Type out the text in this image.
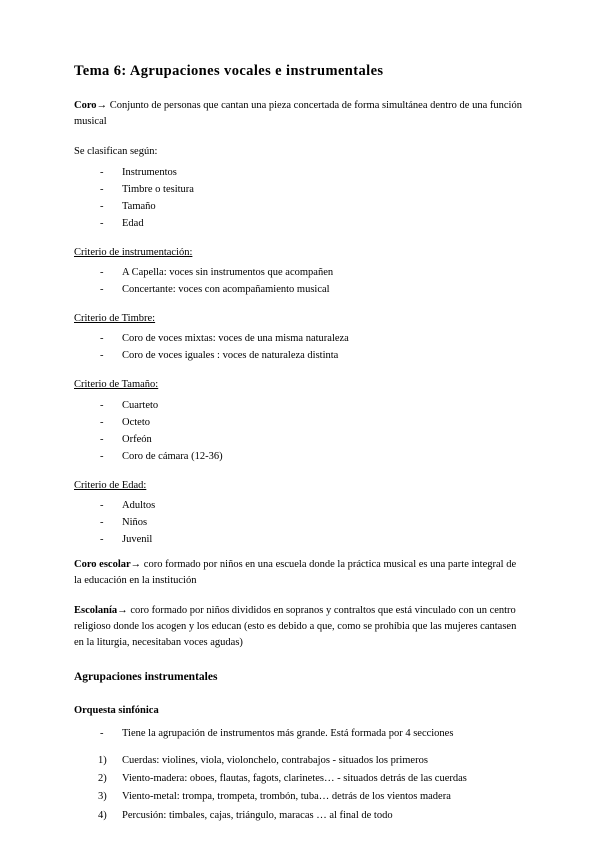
Tema 6: Agrupaciones vocales e instrumentales

Coro→ Conjunto de personas que cantan una pieza concertada de forma simultánea dentro de una función musical

Se clasifican según:

- Instrumentos
- Timbre o tesitura
- Tamaño
- Edad

Criterio de instrumentación:

- A Capella: voces sin instrumentos que acompañen
- Concertante: voces con acompañamiento musical

Criterio de Timbre:

- Coro de voces mixtas: voces de una misma naturaleza
- Coro de voces iguales : voces de naturaleza distinta

Criterio de Tamaño:

- Cuarteto
- Octeto
- Orfeón
- Coro de cámara (12-36)

Criterio de Edad:

- Adultos
- Niños
- Juvenil

Coro escolar→ coro formado por niños en una escuela donde la práctica musical es una parte integral de la educación en la institución

Escolanía→ coro formado por niños divididos en sopranos y contraltos que está vinculado con un centro religioso donde los acogen y los educan (esto es debido a que, como se prohíbia que las mujeres cantasen en la liturgia, necesitaban voces agudas)

Agrupaciones instrumentales

Orquesta sinfónica

- Tiene la agrupación de instrumentos más grande. Está formada por 4 secciones
Cuerdas: violines, viola, violonchelo, contrabajos - situados los primeros
Viento-madera: oboes, flautas, fagots, clarinetes… - situados detrás de las cuerdas
Viento-metal: trompa, trompeta, trombón, tuba… detrás de los vientos madera
Percusión: timbales, cajas, triángulo, maracas … al final de todo
